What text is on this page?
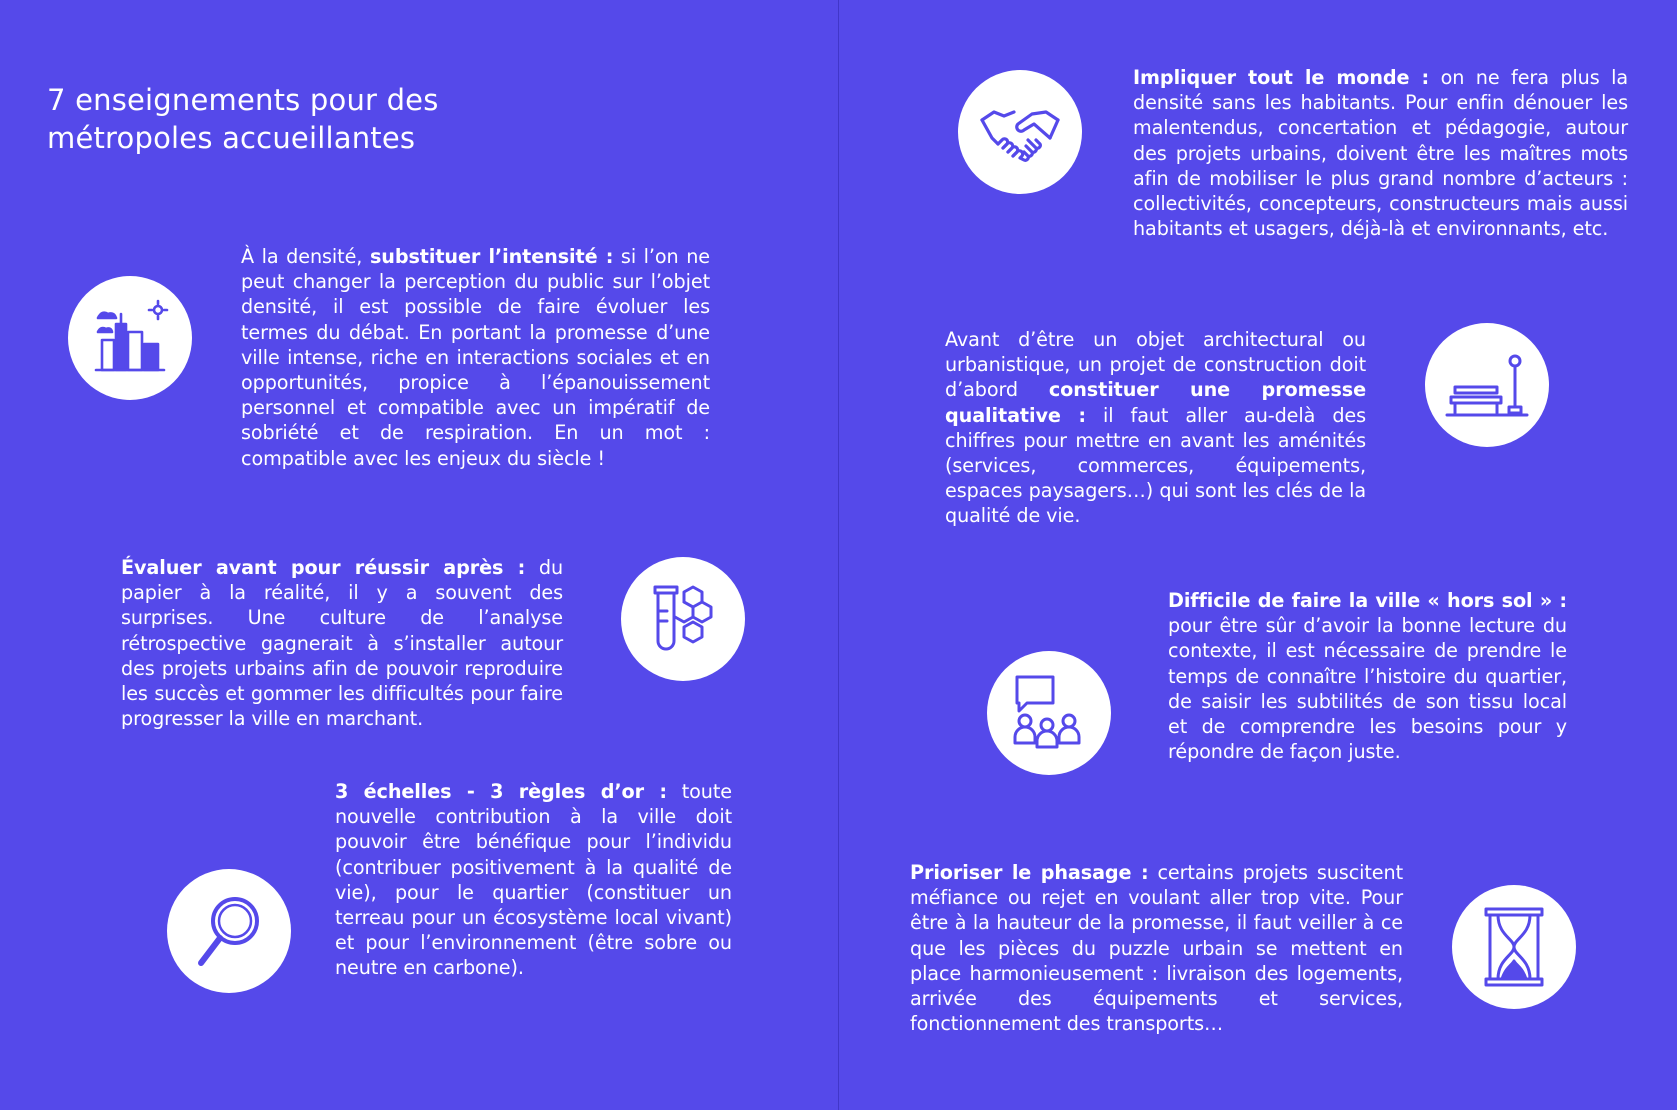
7 enseignements pour des métropoles accueillantes
À la densité, substituer l’intensité : si l’on ne peut changer la perception du public sur l’objet densité, il est possible de faire évoluer les termes du débat. En portant la promesse d’une ville intense, riche en interactions sociales et en opportunités, propice à l’épanouissement personnel et compatible avec un impératif de sobriété et de respiration. En un mot : compatible avec les enjeux du siècle !
Évaluer avant pour réussir après : du papier à la réalité, il y a souvent des surprises. Une culture de l’analyse rétrospective gagnerait à s’installer autour des projets urbains afin de pouvoir reproduire les succès et gommer les difficultés pour faire progresser la ville en marchant.
3 échelles - 3 règles d’or : toute nouvelle contribution à la ville doit pouvoir être bénéfique pour l’individu (contribuer positivement à la qualité de vie), pour le quartier (constituer un terreau pour un écosystème local vivant) et pour l’environnement (être sobre ou neutre en carbone).
Impliquer tout le monde : on ne fera plus la densité sans les habitants. Pour enfin dénouer les malentendus, concertation et pédagogie, autour des projets urbains, doivent être les maîtres mots afin de mobiliser le plus grand nombre d’acteurs : collectivités, concepteurs, constructeurs mais aussi habitants et usagers, déjà-là et environnants, etc.
Avant d’être un objet architectural ou urbanistique, un projet de construction doit d’abord constituer une promesse qualitative : il faut aller au-delà des chiffres pour mettre en avant les aménités (services, commerces, équipements, espaces paysagers…) qui sont les clés de la qualité de vie.
Difficile de faire la ville « hors sol » : pour être sûr d’avoir la bonne lecture du contexte, il est nécessaire de prendre le temps de connaître l’histoire du quartier, de saisir les subtilités de son tissu local et de comprendre les besoins pour y répondre de façon juste.
Prioriser le phasage : certains projets suscitent méfiance ou rejet en voulant aller trop vite. Pour être à la hauteur de la promesse, il faut veiller à ce que les pièces du puzzle urbain se mettent en place harmonieusement : livraison des logements, arrivée des équipements et services, fonctionnement des transports…
